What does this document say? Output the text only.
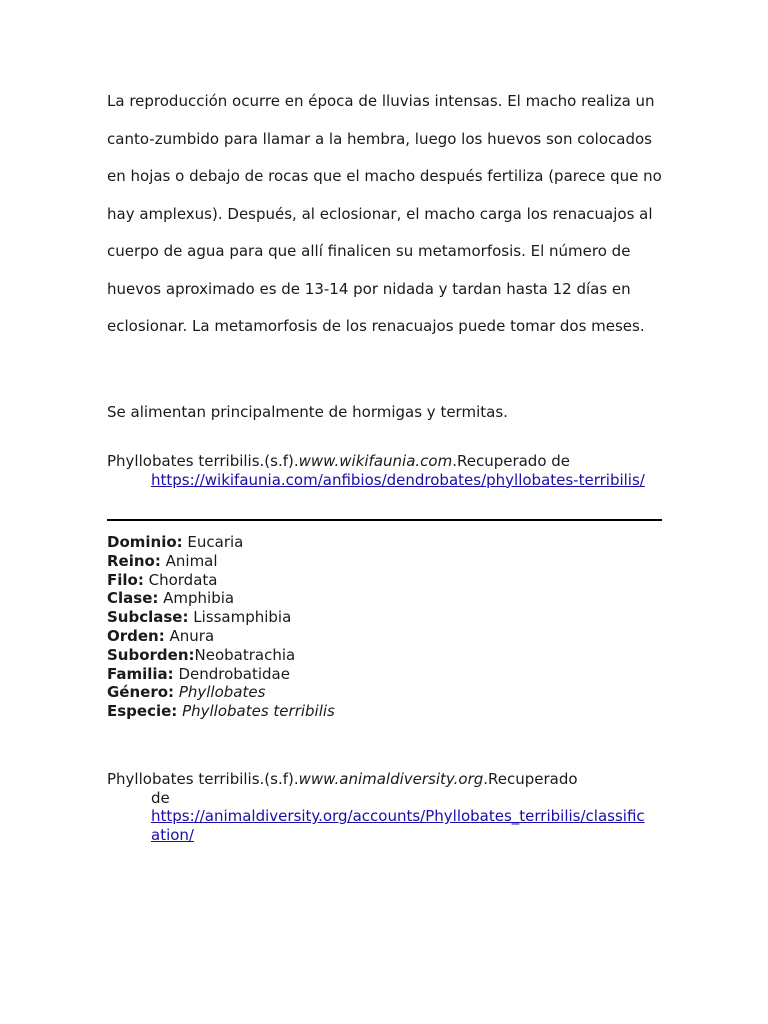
La reproducción ocurre en época de lluvias intensas. El macho realiza un canto-zumbido para llamar a la hembra, luego los huevos son colocados en hojas o debajo de rocas que el macho después fertiliza (parece que no hay amplexus). Después, al eclosionar, el macho carga los renacuajos al cuerpo de agua para que allí finalicen su metamorfosis. El número de huevos aproximado es de 13-14 por nidada y tardan hasta 12 días en eclosionar. La metamorfosis de los renacuajos puede tomar dos meses.

Se alimentan principalmente de hormigas y termitas.

Phyllobates terribilis.(s.f).www.wikifaunia.com.Recuperado de
https://wikifaunia.com/anfibios/dendrobates/phyllobates-terribilis/

Dominio: Eucaria
Reino: Animal
Filo: Chordata
Clase: Amphibia
Subclase: Lissamphibia
Orden: Anura
Suborden:Neobatrachia
Familia: Dendrobatidae
Género: Phyllobates
Especie: Phyllobates terribilis

Phyllobates terribilis.(s.f).www.animaldiversity.org.Recuperado
de
https://animaldiversity.org/accounts/Phyllobates_terribilis/classific
ation/
